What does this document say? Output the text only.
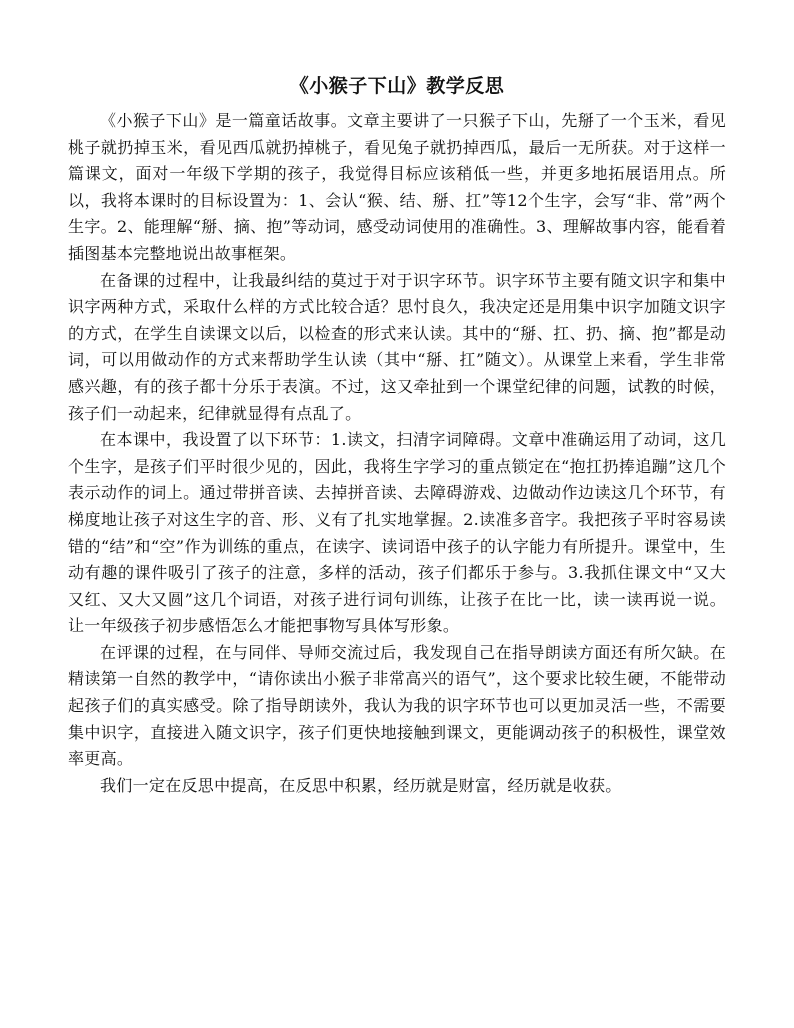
《小猴子下山》教学反思

《小猴子下山》是一篇童话故事。文章主要讲了一只猴子下山，先掰了一个玉米，看见桃子就扔掉玉米，看见西瓜就扔掉桃子，看见兔子就扔掉西瓜，最后一无所获。对于这样一篇课文，面对一年级下学期的孩子，我觉得目标应该稍低一些，并更多地拓展语用点。所以，我将本课时的目标设置为：1、会认“猴、结、掰、扛”等12个生字，会写“非、常”两个生字。2、能理解“掰、摘、抱”等动词，感受动词使用的准确性。3、理解故事内容，能看着插图基本完整地说出故事框架。

在备课的过程中，让我最纠结的莫过于对于识字环节。识字环节主要有随文识字和集中识字两种方式，采取什么样的方式比较合适？思忖良久，我决定还是用集中识字加随文识字的方式，在学生自读课文以后，以检查的形式来认读。其中的“掰、扛、扔、摘、抱”都是动词，可以用做动作的方式来帮助学生认读（其中“掰、扛”随文）。从课堂上来看，学生非常感兴趣，有的孩子都十分乐于表演。不过，这又牵扯到一个课堂纪律的问题，试教的时候，孩子们一动起来，纪律就显得有点乱了。

在本课中，我设置了以下环节：1.读文，扫清字词障碍。文章中准确运用了动词，这几个生字，是孩子们平时很少见的，因此，我将生字学习的重点锁定在“抱扛扔捧追蹦”这几个表示动作的词上。通过带拼音读、去掉拼音读、去障碍游戏、边做动作边读这几个环节，有梯度地让孩子对这生字的音、形、义有了扎实地掌握。2.读准多音字。我把孩子平时容易读错的“结”和“空”作为训练的重点，在读字、读词语中孩子的认字能力有所提升。课堂中，生动有趣的课件吸引了孩子的注意，多样的活动，孩子们都乐于参与。3.我抓住课文中“又大又红、又大又圆”这几个词语，对孩子进行词句训练，让孩子在比一比，读一读再说一说。让一年级孩子初步感悟怎么才能把事物写具体写形象。

在评课的过程，在与同伴、导师交流过后，我发现自己在指导朗读方面还有所欠缺。在精读第一自然的教学中，“请你读出小猴子非常高兴的语气”，这个要求比较生硬，不能带动起孩子们的真实感受。除了指导朗读外，我认为我的识字环节也可以更加灵活一些，不需要集中识字，直接进入随文识字，孩子们更快地接触到课文，更能调动孩子的积极性，课堂效率更高。

我们一定在反思中提高，在反思中积累，经历就是财富，经历就是收获。
